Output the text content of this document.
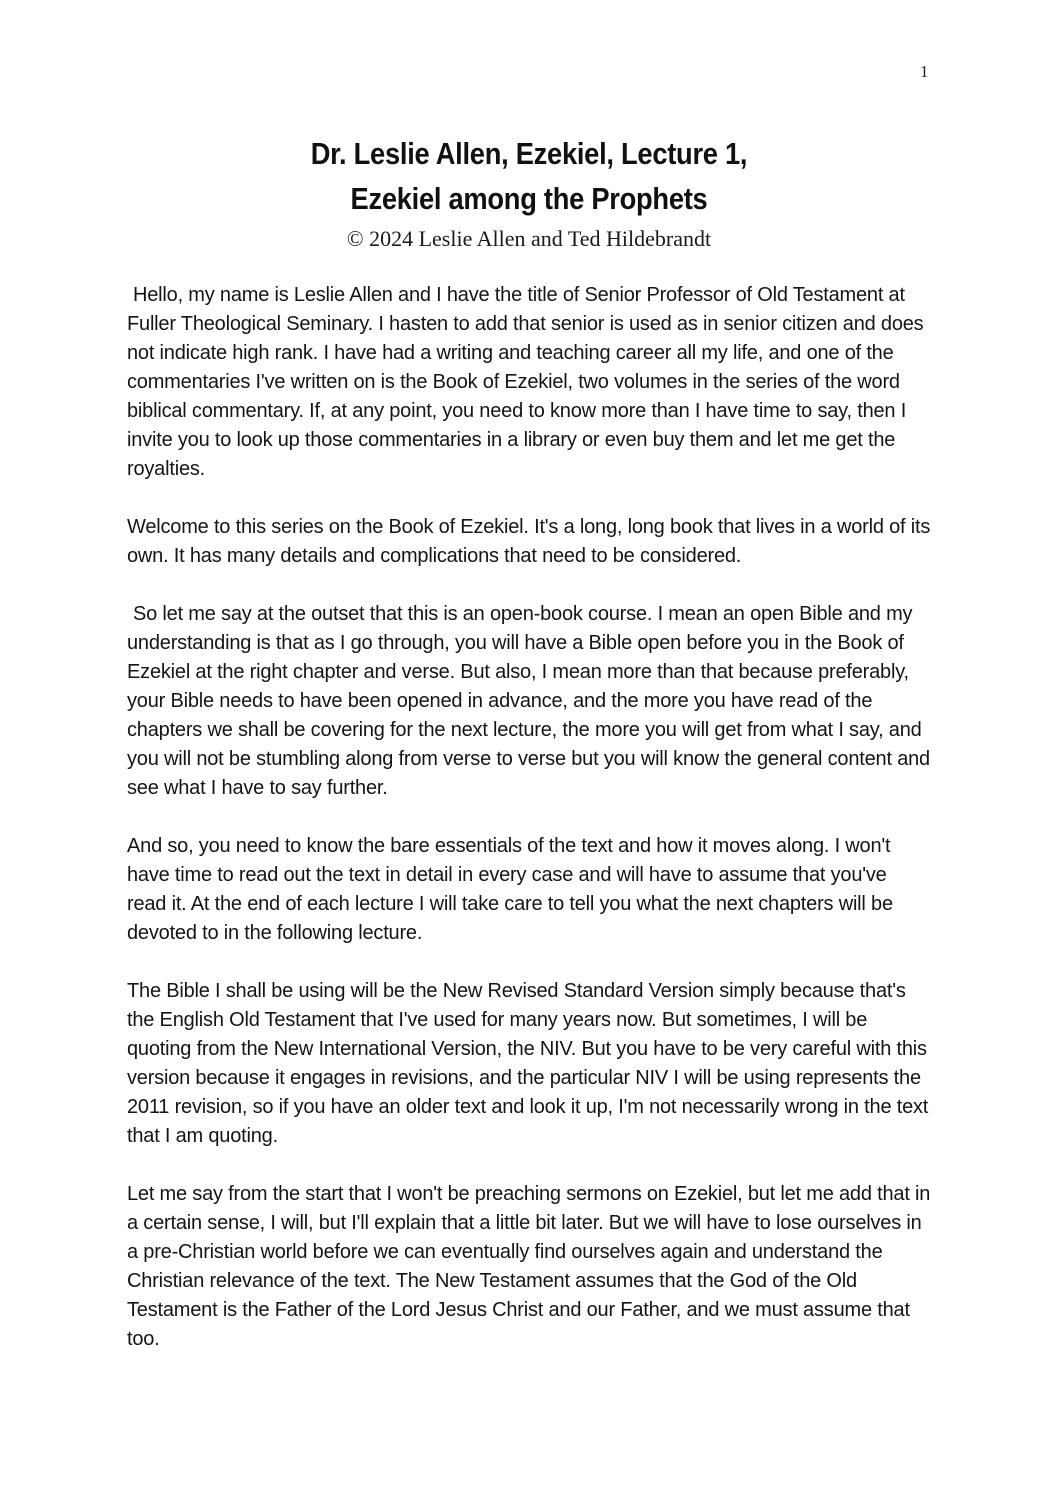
1
Dr. Leslie Allen, Ezekiel, Lecture 1,
Ezekiel among the Prophets
© 2024 Leslie Allen and Ted Hildebrandt

Hello, my name is Leslie Allen and I have the title of Senior Professor of Old Testament at Fuller Theological Seminary. I hasten to add that senior is used as in senior citizen and does not indicate high rank. I have had a writing and teaching career all my life, and one of the commentaries I've written on is the Book of Ezekiel, two volumes in the series of the word biblical commentary. If, at any point, you need to know more than I have time to say, then I invite you to look up those commentaries in a library or even buy them and let me get the royalties.

Welcome to this series on the Book of Ezekiel. It's a long, long book that lives in a world of its own. It has many details and complications that need to be considered.

So let me say at the outset that this is an open-book course. I mean an open Bible and my understanding is that as I go through, you will have a Bible open before you in the Book of Ezekiel at the right chapter and verse. But also, I mean more than that because preferably, your Bible needs to have been opened in advance, and the more you have read of the chapters we shall be covering for the next lecture, the more you will get from what I say, and you will not be stumbling along from verse to verse but you will know the general content and see what I have to say further.

And so, you need to know the bare essentials of the text and how it moves along. I won't have time to read out the text in detail in every case and will have to assume that you've read it. At the end of each lecture I will take care to tell you what the next chapters will be devoted to in the following lecture.

The Bible I shall be using will be the New Revised Standard Version simply because that's the English Old Testament that I've used for many years now. But sometimes, I will be quoting from the New International Version, the NIV. But you have to be very careful with this version because it engages in revisions, and the particular NIV I will be using represents the 2011 revision, so if you have an older text and look it up, I'm not necessarily wrong in the text that I am quoting.

Let me say from the start that I won't be preaching sermons on Ezekiel, but let me add that in a certain sense, I will, but I'll explain that a little bit later. But we will have to lose ourselves in a pre-Christian world before we can eventually find ourselves again and understand the Christian relevance of the text. The New Testament assumes that the God of the Old Testament is the Father of the Lord Jesus Christ and our Father, and we must assume that too.
